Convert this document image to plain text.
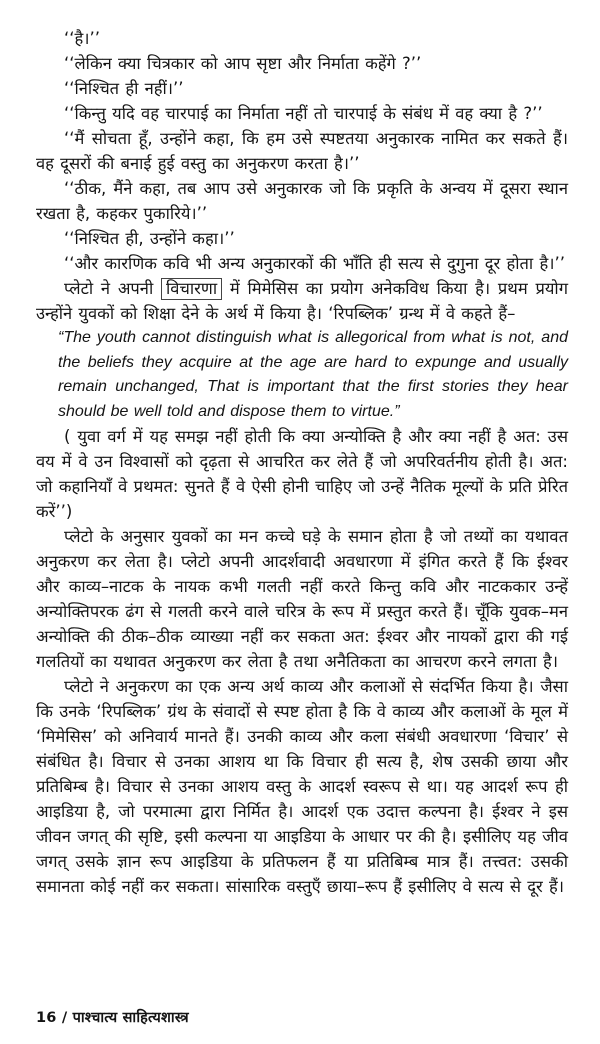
‘‘है।’’

‘‘लेकिन क्या चित्रकार को आप सृष्टा और निर्माता कहेंगे ?’’

‘‘निश्चित ही नहीं।’’

‘‘किन्तु यदि वह चारपाई का निर्माता नहीं तो चारपाई के संबंध में वह क्या है ?’’

‘‘मैं सोचता हूँ, उन्होंने कहा, कि हम उसे स्पष्टतया अनुकारक नामित कर सकते हैं। वह दूसरों की बनाई हुई वस्तु का अनुकरण करता है।’’

‘‘ठीक, मैंने कहा, तब आप उसे अनुकारक जो कि प्रकृति के अन्वय में दूसरा स्थान रखता है, कहकर पुकारिये।’’

‘‘निश्चित ही, उन्होंने कहा।’’

‘‘और कारणिक कवि भी अन्य अनुकारकों की भाँति ही सत्य से दुगुना दूर होता है।’’

प्लेटो ने अपनी विचारणा में मिमेसिस का प्रयोग अनेकविध किया है। प्रथम प्रयोग उन्होंने युवकों को शिक्षा देने के अर्थ में किया है। ‘रिपब्लिक’ ग्रन्थ में वे कहते हैं–

“The youth cannot distinguish what is allegorical from what is not, and the beliefs they acquire at the age are hard to expunge and usually remain unchanged, That is important that the first stories they hear should be well told and dispose them to virtue.”

( युवा वर्ग में यह समझ नहीं होती कि क्या अन्योक्ति है और क्या नहीं है अत: उस वय में वे उन विश्वासों को दृढ़ता से आचरित कर लेते हैं जो अपरिवर्तनीय होती है। अत: जो कहानियाँ वे प्रथमत: सुनते हैं वे ऐसी होनी चाहिए जो उन्हें नैतिक मूल्यों के प्रति प्रेरित करें’’)

प्लेटो के अनुसार युवकों का मन कच्चे घड़े के समान होता है जो तथ्यों का यथावत अनुकरण कर लेता है। प्लेटो अपनी आदर्शवादी अवधारणा में इंगित करते हैं कि ईश्वर और काव्य–नाटक के नायक कभी गलती नहीं करते किन्तु कवि और नाटककार उन्हें अन्योक्तिपरक ढंग से गलती करने वाले चरित्र के रूप में प्रस्तुत करते हैं। चूँकि युवक–मन अन्योक्ति की ठीक–ठीक व्याख्या नहीं कर सकता अत: ईश्वर और नायकों द्वारा की गई गलतियों का यथावत अनुकरण कर लेता है तथा अनैतिकता का आचरण करने लगता है।

प्लेटो ने अनुकरण का एक अन्य अर्थ काव्य और कलाओं से संदर्भित किया है। जैसा कि उनके ‘रिपब्लिक’ ग्रंथ के संवादों से स्पष्ट होता है कि वे काव्य और कलाओं के मूल में ‘मिमेसिस’ को अनिवार्य मानते हैं। उनकी काव्य और कला संबंधी अवधारणा ‘विचार’ से संबंधित है। विचार से उनका आशय था कि विचार ही सत्य है, शेष उसकी छाया और प्रतिबिम्ब है। विचार से उनका आशय वस्तु के आदर्श स्वरूप से था। यह आदर्श रूप ही आइडिया है, जो परमात्मा द्वारा निर्मित है। आदर्श एक उदात्त कल्पना है। ईश्वर ने इस जीवन जगत् की सृष्टि, इसी कल्पना या आइडिया के आधार पर की है। इसीलिए यह जीव जगत् उसके ज्ञान रूप आइडिया के प्रतिफलन हैं या प्रतिबिम्ब मात्र हैं। तत्त्वत: उसकी समानता कोई नहीं कर सकता। सांसारिक वस्तुएँ छाया–रूप हैं इसीलिए वे सत्य से दूर हैं।

16 / पाश्चात्य साहित्यशास्त्र
